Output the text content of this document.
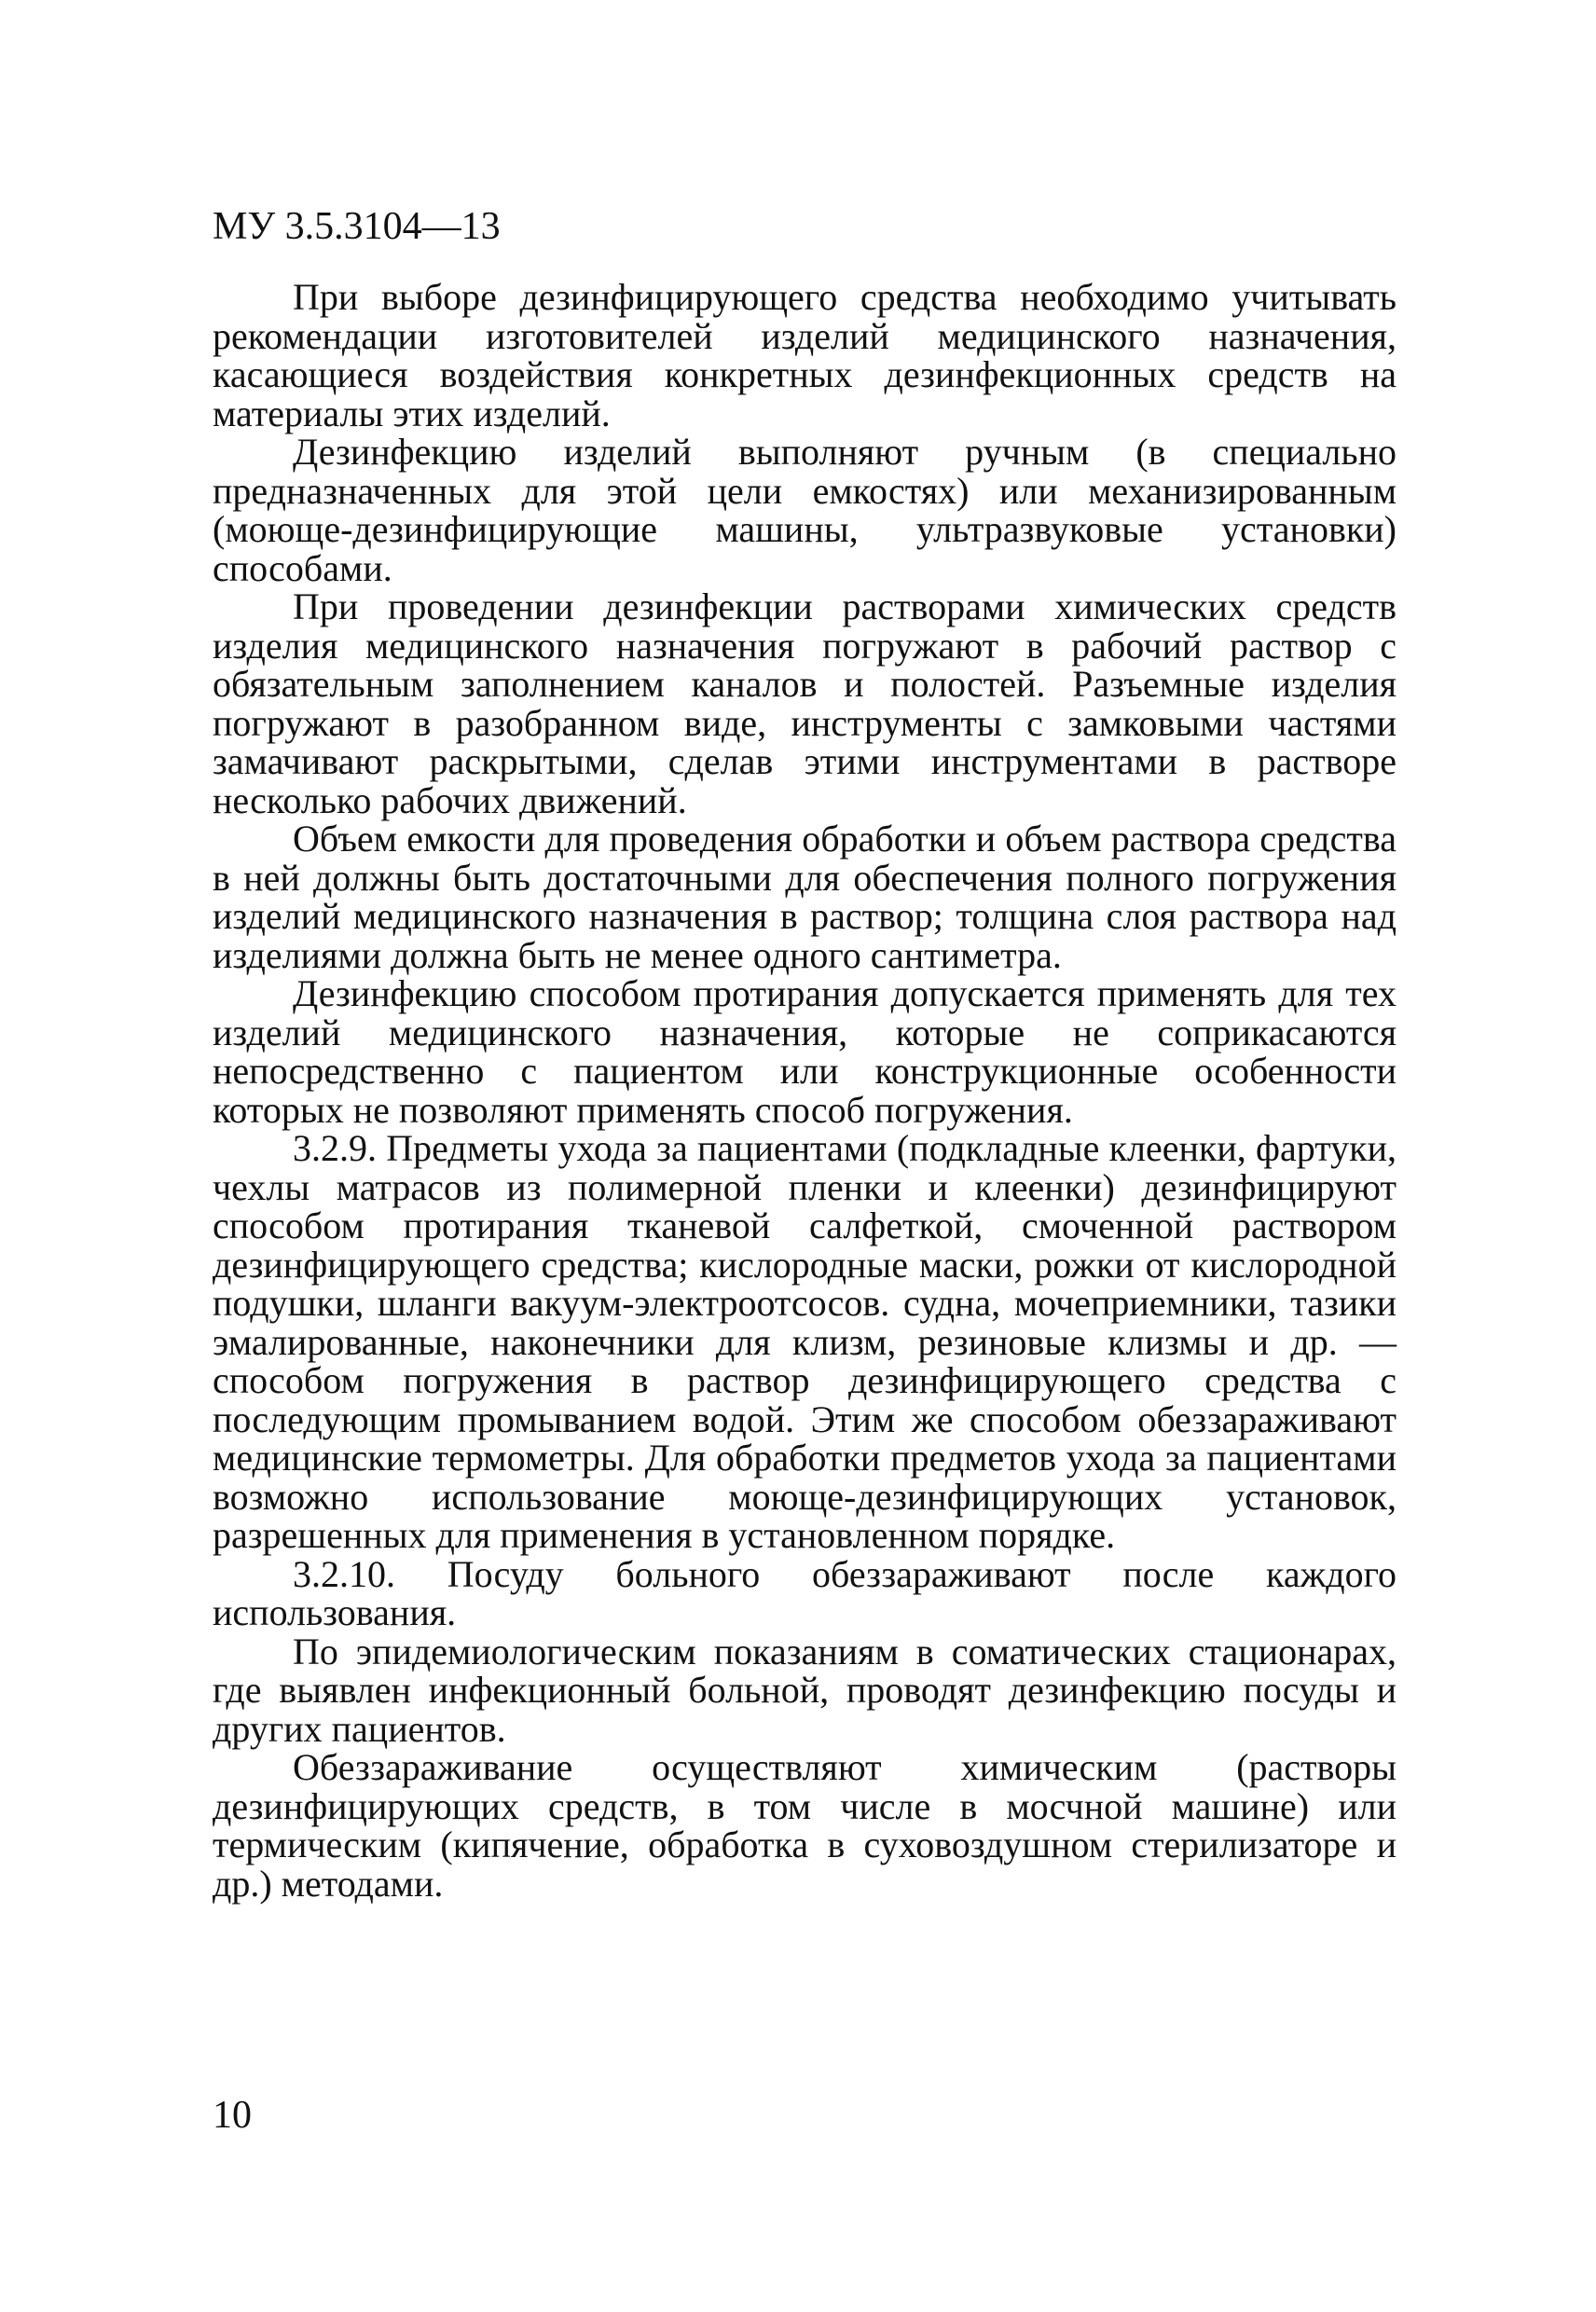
МУ 3.5.3104—13

При выборе дезинфицирующего средства необходимо учитывать рекомендации изготовителей изделий медицинского назначения, касающиеся воздействия конкретных дезинфекционных средств на материалы этих изделий.

Дезинфекцию изделий выполняют ручным (в специально предназначенных для этой цели емкостях) или механизированным (моюще-дезинфицирующие машины, ультразвуковые установки) способами.

При проведении дезинфекции растворами химических средств изделия медицинского назначения погружают в рабочий раствор с обязательным заполнением каналов и полостей. Разъемные изделия погружают в разобранном виде, инструменты с замковыми частями замачивают раскрытыми, сделав этими инструментами в растворе несколько рабочих движений.

Объем емкости для проведения обработки и объем раствора средства в ней должны быть достаточными для обеспечения полного погружения изделий медицинского назначения в раствор; толщина слоя раствора над изделиями должна быть не менее одного сантиметра.

Дезинфекцию способом протирания допускается применять для тех изделий медицинского назначения, которые не соприкасаются непосредственно с пациентом или конструкционные особенности которых не позволяют применять способ погружения.

3.2.9. Предметы ухода за пациентами (подкладные клеенки, фартуки, чехлы матрасов из полимерной пленки и клеенки) дезинфицируют способом протирания тканевой салфеткой, смоченной раствором дезинфицирующего средства; кислородные маски, рожки от кислородной подушки, шланги вакуум-электроотсосов. судна, мочеприемники, тазики эмалированные, наконечники для клизм, резиновые клизмы и др. — способом погружения в раствор дезинфицирующего средства с последующим промыванием водой. Этим же способом обеззараживают медицинские термометры. Для обработки предметов ухода за пациентами возможно использование моюще-дезинфицирующих установок, разрешенных для применения в установленном порядке.

3.2.10. Посуду больного обеззараживают после каждого использования.

По эпидемиологическим показаниям в соматических стационарах, где выявлен инфекционный больной, проводят дезинфекцию посуды и других пациентов.

Обеззараживание осуществляют химическим (растворы дезинфицирующих средств, в том числе в мосчной машине) или термическим (кипячение, обработка в суховоздушном стерилизаторе и др.) методами.

10
